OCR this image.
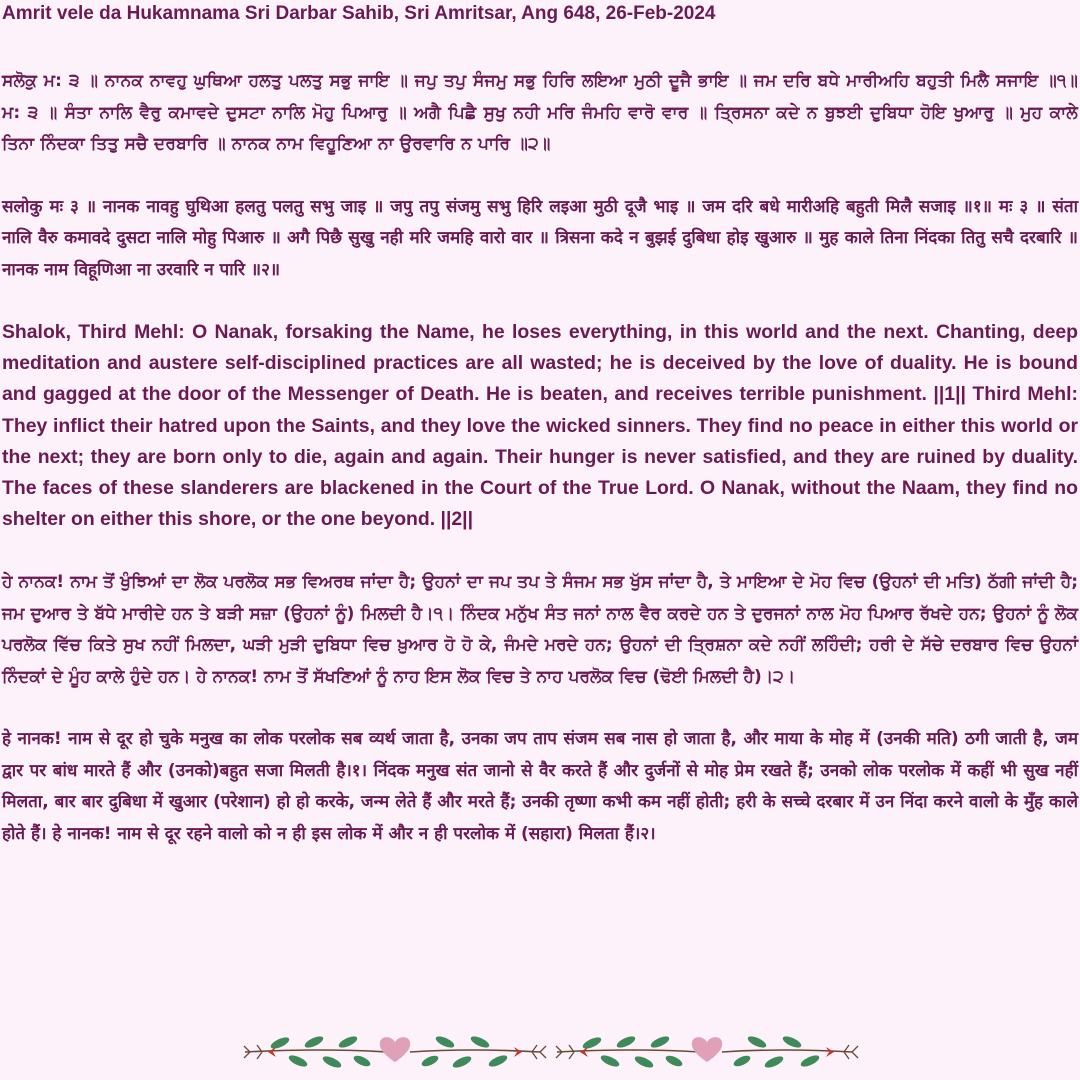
Amrit vele da Hukamnama Sri Darbar Sahib, Sri Amritsar, Ang 648, 26-Feb-2024

ਸਲੋਕੁ ਮ: ੩ ॥ ਨਾਨਕ ਨਾਵਹੁ ਘੁਥਿਆ ਹਲਤੁ ਪਲਤੁ ਸਭੁ ਜਾਇ ॥ ਜਪੁ ਤਪੁ ਸੰਜਮੁ ਸਭੁ ਹਿਰਿ ਲਇਆ ਮੁਠੀ ਦੂਜੈ ਭਾਇ ॥ ਜਮ ਦਰਿ ਬਧੇ ਮਾਰੀਅਹਿ ਬਹੁਤੀ ਮਿਲੈ ਸਜਾਇ ॥੧॥ ਮ: ੩ ॥ ਸੰਤਾ ਨਾਲਿ ਵੈਰੁ ਕਮਾਵਦੇ ਦੁਸਟਾ ਨਾਲਿ ਮੋਹੁ ਪਿਆਰੁ ॥ ਅਗੈ ਪਿਛੈ ਸੁਖੁ ਨਹੀ ਮਰਿ ਜੰਮਹਿ ਵਾਰੋ ਵਾਰ ॥ ਤ੍ਰਿਸਨਾ ਕਦੇ ਨ ਬੁਝਈ ਦੁਬਿਧਾ ਹੋਇ ਖੁਆਰੁ ॥ ਮੁਹ ਕਾਲੇ ਤਿਨਾ ਨਿੰਦਕਾ ਤਿਤੁ ਸਚੈ ਦਰਬਾਰਿ ॥ ਨਾਨਕ ਨਾਮ ਵਿਹੂਣਿਆ ਨਾ ਉਰਵਾਰਿ ਨ ਪਾਰਿ ॥੨॥

सलोकु मः ३ ॥ नानक नावहु घुथिआ हलतु पलतु सभु जाइ ॥ जपु तपु संजमु सभु हिरि लइआ मुठी दूजै भाइ ॥ जम दरि बधे मारीअहि बहुती मिलै सजाइ ॥१॥ मः ३ ॥ संता नालि वैरु कमावदे दुसटा नालि मोहु पिआरु ॥ अगै पिछै सुखु नही मरि जमहि वारो वार ॥ त्रिसना कदे न बुझई दुबिधा होइ खुआरु ॥ मुह काले तिना निंदका तितु सचै दरबारि ॥ नानक नाम विहूणिआ ना उरवारि न पारि ॥२॥

Shalok, Third Mehl: O Nanak, forsaking the Name, he loses everything, in this world and the next. Chanting, deep meditation and austere self-disciplined practices are all wasted; he is deceived by the love of duality. He is bound and gagged at the door of the Messenger of Death. He is beaten, and receives terrible punishment. ||1|| Third Mehl: They inflict their hatred upon the Saints, and they love the wicked sinners. They find no peace in either this world or the next; they are born only to die, again and again. Their hunger is never satisfied, and they are ruined by duality. The faces of these slanderers are blackened in the Court of the True Lord. O Nanak, without the Naam, they find no shelter on either this shore, or the one beyond. ||2||

ਹੇ ਨਾਨਕ! ਨਾਮ ਤੋਂ ਖੁੰਝਿਆਂ ਦਾ ਲੋਕ ਪਰਲੋਕ ਸਭ ਵਿਅਰਥ ਜਾਂਦਾ ਹੈ; ਉਹਨਾਂ ਦਾ ਜਪ ਤਪ ਤੇ ਸੰਜਮ ਸਭ ਖੁੱਸ ਜਾਂਦਾ ਹੈ, ਤੇ ਮਾਇਆ ਦੇ ਮੋਹ ਵਿਚ (ਉਹਨਾਂ ਦੀ ਮਤਿ) ਠੱਗੀ ਜਾਂਦੀ ਹੈ; ਜਮ ਦੁਆਰ ਤੇ ਬੱਧੇ ਮਾਰੀਦੇ ਹਨ ਤੇ ਬੜੀ ਸਜ਼ਾ (ਉਹਨਾਂ ਨੂੰ) ਮਿਲਦੀ ਹੈ।੧। ਨਿੰਦਕ ਮਨੁੱਖ ਸੰਤ ਜਨਾਂ ਨਾਲ ਵੈਰ ਕਰਦੇ ਹਨ ਤੇ ਦੁਰਜਨਾਂ ਨਾਲ ਮੋਹ ਪਿਆਰ ਰੱਖਦੇ ਹਨ; ਉਹਨਾਂ ਨੂੰ ਲੋਕ ਪਰਲੋਕ ਵਿੱਚ ਕਿਤੇ ਸੁਖ ਨਹੀਂ ਮਿਲਦਾ, ਘੜੀ ਮੁੜੀ ਦੁਬਿਧਾ ਵਿਚ ਖ਼ੁਆਰ ਹੋ ਹੋ ਕੇ, ਜੰਮਦੇ ਮਰਦੇ ਹਨ; ਉਹਨਾਂ ਦੀ ਤ੍ਰਿਸ਼ਨਾ ਕਦੇ ਨਹੀਂ ਲਹਿੰਦੀ; ਹਰੀ ਦੇ ਸੱਚੇ ਦਰਬਾਰ ਵਿਚ ਉਹਨਾਂ ਨਿੰਦਕਾਂ ਦੇ ਮੂੰਹ ਕਾਲੇ ਹੁੰਦੇ ਹਨ। ਹੇ ਨਾਨਕ! ਨਾਮ ਤੋਂ ਸੱਖਣਿਆਂ ਨੂੰ ਨਾਹ ਇਸ ਲੋਕ ਵਿਚ ਤੇ ਨਾਹ ਪਰਲੋਕ ਵਿਚ (ਢੋਈ ਮਿਲਦੀ ਹੈ)।੨।

हे नानक! नाम से दूर हो चुके मनुख का लोक परलोक सब व्यर्थ जाता है, उनका जप ताप संजम सब नास हो जाता है, और माया के मोह में (उनकी मति) ठगी जाती है, जम द्वार पर बांध मारते हैं और (उनको)बहुत सजा मिलती है।१। निंदक मनुख संत जानो से वैर करते हैं और दुर्जनों से मोह प्रेम रखते हैं; उनको लोक परलोक में कहीं भी सुख नहीं मिलता, बार बार दुबिधा में खुआर (परेशान) हो हो करके, जन्म लेते हैं और मरते हैं; उनकी तृष्णा कभी कम नहीं होती; हरी के सच्चे दरबार में उन निंदा करने वालो के मुँह काले होते हैं। हे नानक! नाम से दूर रहने वालो को न ही इस लोक में और न ही परलोक में (सहारा) मिलता हैं।२।
